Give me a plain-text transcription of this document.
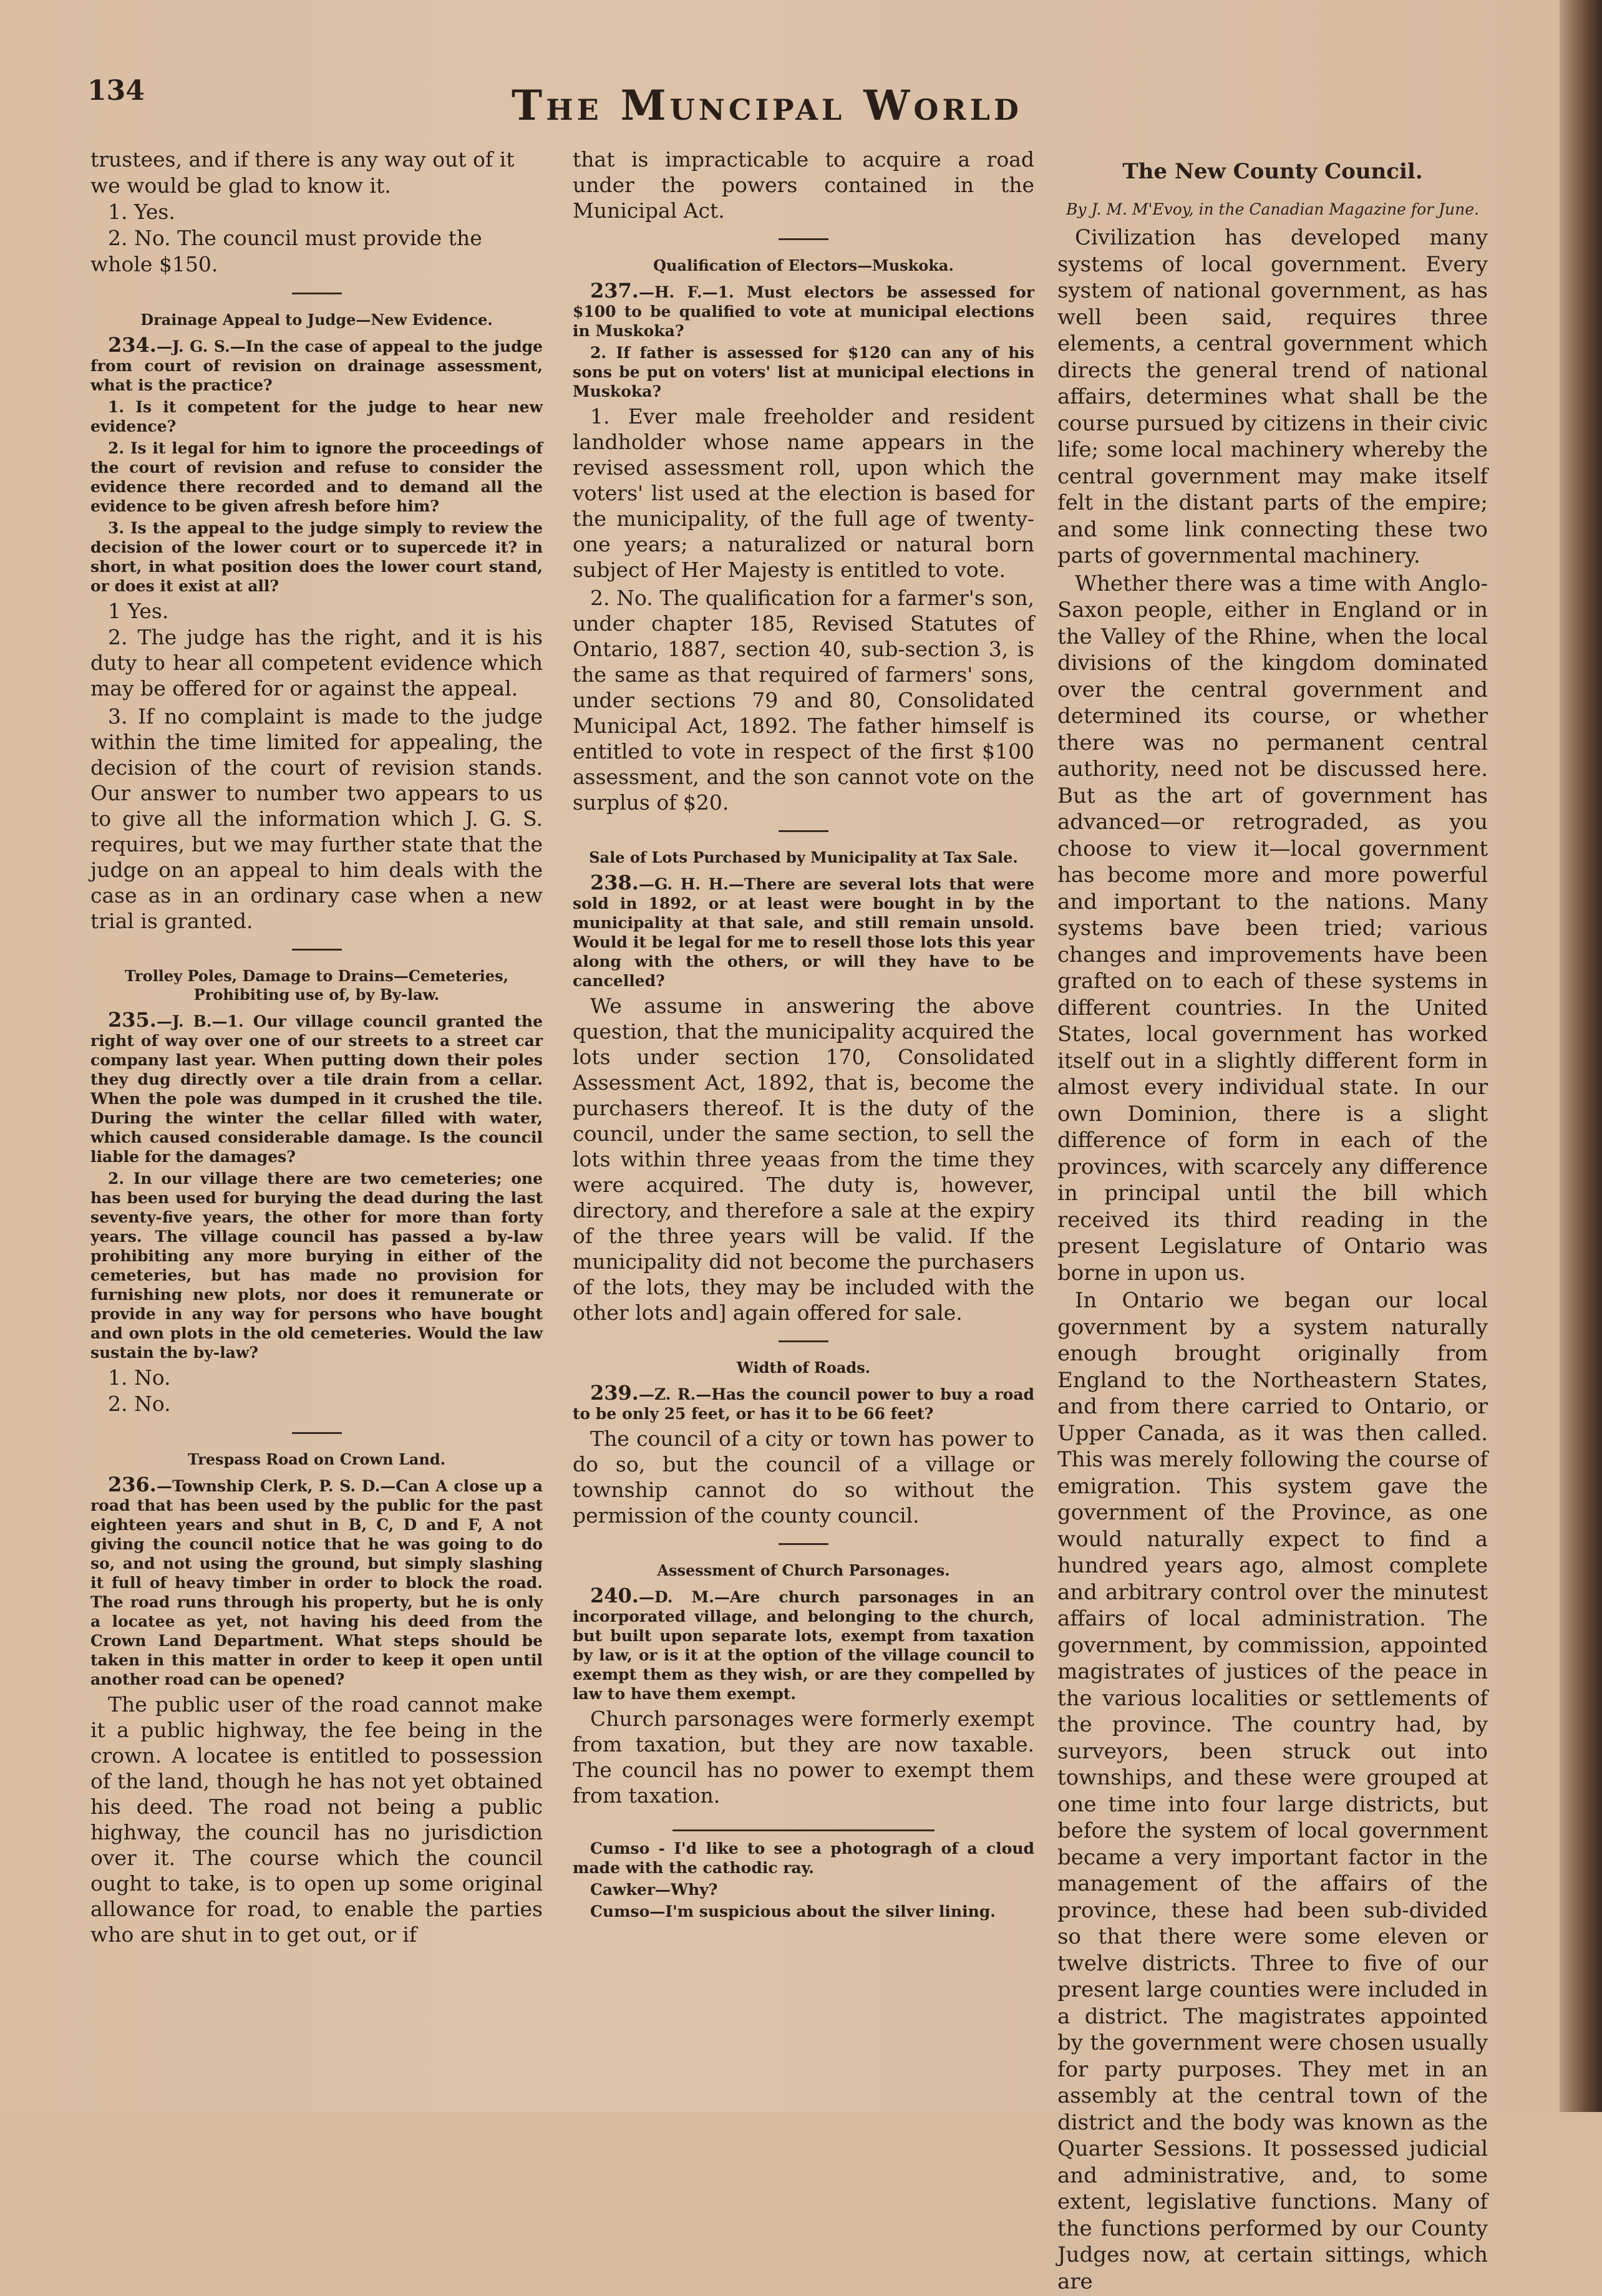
134	The Muncipal World

trustees, and if there is any way out of it we would be glad to know it.

1. Yes.

2. No. The council must provide the whole $150.

Drainage Appeal to Judge—New Evidence.

234.—J. G. S.—In the case of appeal to the judge from court of revision on drainage assessment, what is the practice?

1. Is it competent for the judge to hear new evidence?

2. Is it legal for him to ignore the proceedings of the court of revision and refuse to consider the evidence there recorded and to demand all the evidence to be given afresh before him?

3. Is the appeal to the judge simply to review the decision of the lower court or to supercede it? in short, in what position does the lower court stand, or does it exist at all?

1 Yes.

2. The judge has the right, and it is his duty to hear all competent evidence which may be offered for or against the appeal.

3. If no complaint is made to the judge within the time limited for appealing, the decision of the court of revision stands. Our answer to number two appears to us to give all the information which J. G. S. requires, but we may further state that the judge on an appeal to him deals with the case as in an ordinary case when a new trial is granted.

Trolley Poles, Damage to Drains—Cemeteries, Prohibiting use of, by By-law.

235.—J. B.—1. Our village council granted the right of way over one of our streets to a street car company last year. When putting down their poles they dug directly over a tile drain from a cellar. When the pole was dumped in it crushed the tile. During the winter the cellar filled with water, which caused considerable damage. Is the council liable for the damages?

2. In our village there are two cemeteries; one has been used for burying the dead during the last seventy-five years, the other for more than forty years. The village council has passed a by-law prohibiting any more burying in either of the cemeteries, but has made no provision for furnishing new plots, nor does it remunerate or provide in any way for persons who have bought and own plots in the old cemeteries. Would the law sustain the by-law?

1. No.

2. No.

Trespass Road on Crown Land.

236.—Township Clerk, P. S. D.—Can A close up a road that has been used by the public for the past eighteen years and shut in B, C, D and F, A not giving the council notice that he was going to do so, and not using the ground, but simply slashing it full of heavy timber in order to block the road. The road runs through his property, but he is only a locatee as yet, not having his deed from the Crown Land Department. What steps should be taken in this matter in order to keep it open until another road can be opened?

The public user of the road cannot make it a public highway, the fee being in the crown. A locatee is entitled to possession of the land, though he has not yet obtained his deed. The road not being a public highway, the council has no jurisdiction over it. The course which the council ought to take, is to open up some original allowance for road, to enable the parties who are shut in to get out, or if

that is impracticable to acquire a road under the powers contained in the Municipal Act.

Qualification of Electors—Muskoka.

237.—H. F.—1. Must electors be assessed for $100 to be qualified to vote at municipal elections in Muskoka?

2. If father is assessed for $120 can any of his sons be put on voters' list at municipal elections in Muskoka?

1. Ever male freeholder and resident landholder whose name appears in the revised assessment roll, upon which the voters' list used at the election is based for the municipality, of the full age of twenty-one years; a naturalized or natural born subject of Her Majesty is entitled to vote.

2. No. The qualification for a farmer's son, under chapter 185, Revised Statutes of Ontario, 1887, section 40, sub-section 3, is the same as that required of farmers' sons, under sections 79 and 80, Consolidated Municipal Act, 1892. The father himself is entitled to vote in respect of the first $100 assessment, and the son cannot vote on the surplus of $20.

Sale of Lots Purchased by Municipality at Tax Sale.

238.—G. H. H.—There are several lots that were sold in 1892, or at least were bought in by the municipality at that sale, and still remain unsold. Would it be legal for me to resell those lots this year along with the others, or will they have to be cancelled?

We assume in answering the above question, that the municipality acquired the lots under section 170, Consolidated Assessment Act, 1892, that is, become the purchasers thereof. It is the duty of the council, under the same section, to sell the lots within three yeaas from the time they were acquired. The duty is, however, directory, and therefore a sale at the expiry of the three years will be valid. If the municipality did not become the purchasers of the lots, they may be included with the other lots and] again offered for sale.

Width of Roads.

239.—Z. R.—Has the council power to buy a road to be only 25 feet, or has it to be 66 feet?

The council of a city or town has power to do so, but the council of a village or township cannot do so without the permission of the county council.

Assessment of Church Parsonages.

240.—D. M.—Are church parsonages in an incorporated village, and belonging to the church, but built upon separate lots, exempt from taxation by law, or is it at the option of the village council to exempt them as they wish, or are they compelled by law to have them exempt.

Church parsonages were formerly exempt from taxation, but they are now taxable. The council has no power to exempt them from taxation.

Cumso - I'd like to see a photogragh of a cloud made with the cathodic ray.

Cawker—Why?

Cumso—I'm suspicious about the silver lining.

The New County Council.
By J. M. M'Evoy, in the Canadian Magazine for June.

Civilization has developed many systems of local government. Every system of national government, as has well been said, requires three elements, a central government which directs the general trend of national affairs, determines what shall be the course pursued by citizens in their civic life; some local machinery whereby the central government may make itself felt in the distant parts of the empire; and some link connecting these two parts of governmental machinery.

Whether there was a time with Anglo-Saxon people, either in England or in the Valley of the Rhine, when the local divisions of the kingdom dominated over the central government and determined its course, or whether there was no permanent central authority, need not be discussed here. But as the art of government has advanced—or retrograded, as you choose to view it—local government has become more and more powerful and important to the nations. Many systems bave been tried; various changes and improvements have been grafted on to each of these systems in different countries. In the United States, local government has worked itself out in a slightly different form in almost every individual state. In our own Dominion, there is a slight difference of form in each of the provinces, with scarcely any difference in principal until the bill which received its third reading in the present Legislature of Ontario was borne in upon us.

In Ontario we began our local government by a system naturally enough brought originally from England to the Northeastern States, and from there carried to Ontario, or Upper Canada, as it was then called. This was merely following the course of emigration. This system gave the government of the Province, as one would naturally expect to find a hundred years ago, almost complete and arbitrary control over the minutest affairs of local administration. The government, by commission, appointed magistrates of justices of the peace in the various localities or settlements of the province. The country had, by surveyors, been struck out into townships, and these were grouped at one time into four large districts, but before the system of local government became a very important factor in the management of the affairs of the province, these had been sub-divided so that there were some eleven or twelve districts. Three to five of our present large counties were included in a district. The magistrates appointed by the government were chosen usually for party purposes. They met in an assembly at the central town of the district and the body was known as the Quarter Sessions. It possessed judicial and administrative, and, to some extent, legislative functions. Many of the functions performed by our County Judges now, at certain sittings, which are
